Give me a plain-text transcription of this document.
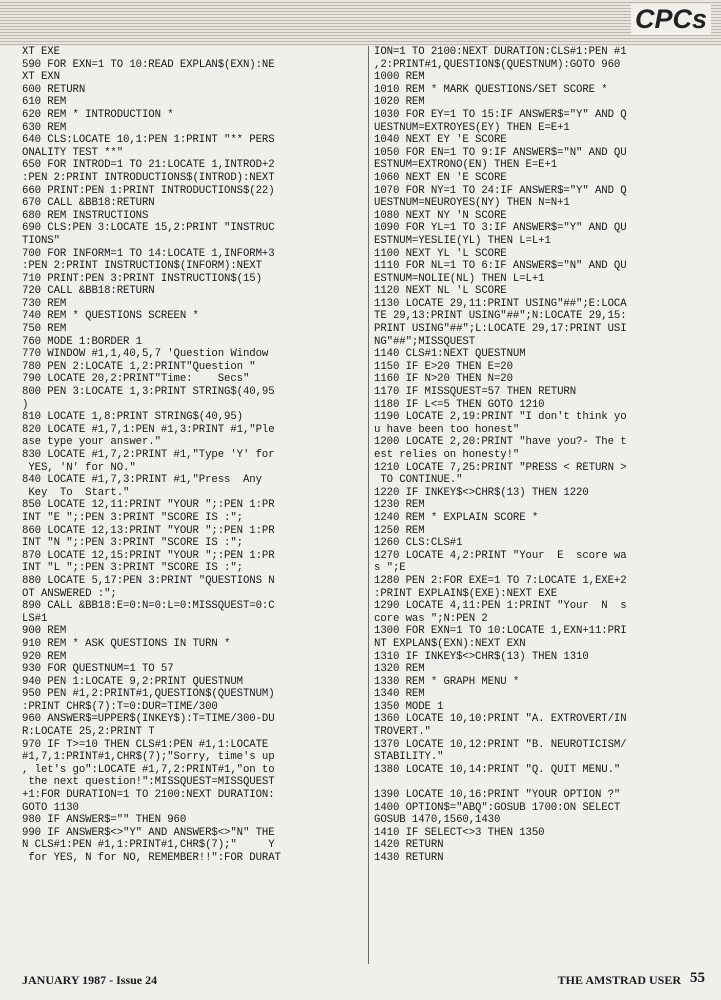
CPCs
XT EXE
590 FOR EXN=1 TO 10:READ EXPLAN$(EXN):NE
XT EXN
600 RETURN
610 REM
620 REM * INTRODUCTION *
630 REM
640 CLS:LOCATE 10,1:PEN 1:PRINT "** PERS
ONALITY TEST **"
650 FOR INTROD=1 TO 21:LOCATE 1,INTROD+2
:PEN 2:PRINT INTRODUCTIONS$(INTROD):NEXT
660 PRINT:PEN 1:PRINT INTRODUCTIONS$(22)
670 CALL &BB18:RETURN
680 REM INSTRUCTIONS
690 CLS:PEN 3:LOCATE 15,2:PRINT "INSTRUC
TIONS"
700 FOR INFORM=1 TO 14:LOCATE 1,INFORM+3
:PEN 2:PRINT INSTRUCTION$(INFORM):NEXT
710 PRINT:PEN 3:PRINT INSTRUCTION$(15)
720 CALL &BB18:RETURN
730 REM
740 REM * QUESTIONS SCREEN *
750 REM
760 MODE 1:BORDER 1
770 WINDOW #1,1,40,5,7 'Question Window
780 PEN 2:LOCATE 1,2:PRINT"Question "
790 LOCATE 20,2:PRINT"Time:    Secs"
800 PEN 3:LOCATE 1,3:PRINT STRING$(40,95
)
810 LOCATE 1,8:PRINT STRING$(40,95)
820 LOCATE #1,7,1:PEN #1,3:PRINT #1,"Ple
ase type your answer."
830 LOCATE #1,7,2:PRINT #1,"Type 'Y' for
YES, 'N' for NO."
840 LOCATE #1,7,3:PRINT #1,"Press  Any
Key  To  Start."
850 LOCATE 12,11:PRINT "YOUR ";:PEN 1:PR
INT "E ";:PEN 3:PRINT "SCORE IS :";
860 LOCATE 12,13:PRINT "YOUR ";:PEN 1:PR
INT "N ";:PEN 3:PRINT "SCORE IS :";
870 LOCATE 12,15:PRINT "YOUR ";:PEN 1:PR
INT "L ";:PEN 3:PRINT "SCORE IS :";
880 LOCATE 5,17:PEN 3:PRINT "QUESTIONS N
OT ANSWERED :";
890 CALL &BB18:E=0:N=0:L=0:MISSQUEST=0:C
LS#1
900 REM
910 REM * ASK QUESTIONS IN TURN *
920 REM
930 FOR QUESTNUM=1 TO 57
940 PEN 1:LOCATE 9,2:PRINT QUESTNUM
950 PEN #1,2:PRINT#1,QUESTION$(QUESTNUM)
:PRINT CHR$(7):T=0:DUR=TIME/300
960 ANSWER$=UPPER$(INKEY$):T=TIME/300-DU
R:LOCATE 25,2:PRINT T
970 IF T>=10 THEN CLS#1:PEN #1,1:LOCATE
#1,7,1:PRINT#1,CHR$(7);"Sorry, time's up
, let's go":LOCATE #1,7,2:PRINT#1,"on to
the next question!":MISSQUEST=MISSQUEST
+1:FOR DURATION=1 TO 2100:NEXT DURATION:
GOTO 1130
980 IF ANSWER$="" THEN 960
990 IF ANSWER$<>"Y" AND ANSWER$<>"N" THE
N CLS#1:PEN #1,1:PRINT#1,CHR$(7);"     Y
for YES, N for NO, REMEMBER!!":FOR DURAT
ION=1 TO 2100:NEXT DURATION:CLS#1:PEN #1
,2:PRINT#1,QUESTION$(QUESTNUM):GOTO 960
1000 REM
1010 REM * MARK QUESTIONS/SET SCORE *
1020 REM
1030 FOR EY=1 TO 15:IF ANSWER$="Y" AND Q
UESTNUM=EXTROYES(EY) THEN E=E+1
1040 NEXT EY 'E SCORE
1050 FOR EN=1 TO 9:IF ANSWER$="N" AND QU
ESTNUM=EXTRONO(EN) THEN E=E+1
1060 NEXT EN 'E SCORE
1070 FOR NY=1 TO 24:IF ANSWER$="Y" AND Q
UESTNUM=NEUROYES(NY) THEN N=N+1
1080 NEXT NY 'N SCORE
1090 FOR YL=1 TO 3:IF ANSWER$="Y" AND QU
ESTNUM=YESLIE(YL) THEN L=L+1
1100 NEXT YL 'L SCORE
1110 FOR NL=1 TO 6:IF ANSWER$="N" AND QU
ESTNUM=NOLIE(NL) THEN L=L+1
1120 NEXT NL 'L SCORE
1130 LOCATE 29,11:PRINT USING"##";E:LOCA
TE 29,13:PRINT USING"##";N:LOCATE 29,15:
PRINT USING"##";L:LOCATE 29,17:PRINT USI
NG"##";MISSQUEST
1140 CLS#1:NEXT QUESTNUM
1150 IF E>20 THEN E=20
1160 IF N>20 THEN N=20
1170 IF MISSQUEST=57 THEN RETURN
1180 IF L<=5 THEN GOTO 1210
1190 LOCATE 2,19:PRINT "I don't think yo
u have been too honest"
1200 LOCATE 2,20:PRINT "have you?- The t
est relies on honesty!"
1210 LOCATE 7,25:PRINT "PRESS < RETURN >
TO CONTINUE."
1220 IF INKEY$<>CHR$(13) THEN 1220
1230 REM
1240 REM * EXPLAIN SCORE *
1250 REM
1260 CLS:CLS#1
1270 LOCATE 4,2:PRINT "Your  E  score wa
s ";E
1280 PEN 2:FOR EXE=1 TO 7:LOCATE 1,EXE+2
:PRINT EXPLAIN$(EXE):NEXT EXE
1290 LOCATE 4,11:PEN 1:PRINT "Your  N  s
core was ";N:PEN 2
1300 FOR EXN=1 TO 10:LOCATE 1,EXN+11:PRI
NT EXPLAN$(EXN):NEXT EXN
1310 IF INKEY$<>CHR$(13) THEN 1310
1320 REM
1330 REM * GRAPH MENU *
1340 REM
1350 MODE 1
1360 LOCATE 10,10:PRINT "A. EXTROVERT/IN
TROVERT."
1370 LOCATE 10,12:PRINT "B. NEUROTICISM/
STABILITY."
1380 LOCATE 10,14:PRINT "Q. QUIT MENU."
1390 LOCATE 10,16:PRINT "YOUR OPTION ?"
1400 OPTION$="ABQ":GOSUB 1700:ON SELECT
GOSUB 1470,1560,1430
1410 IF SELECT<>3 THEN 1350
1420 RETURN
1430 RETURN
JANUARY 1987 - Issue 24	THE AMSTRAD USER 55
